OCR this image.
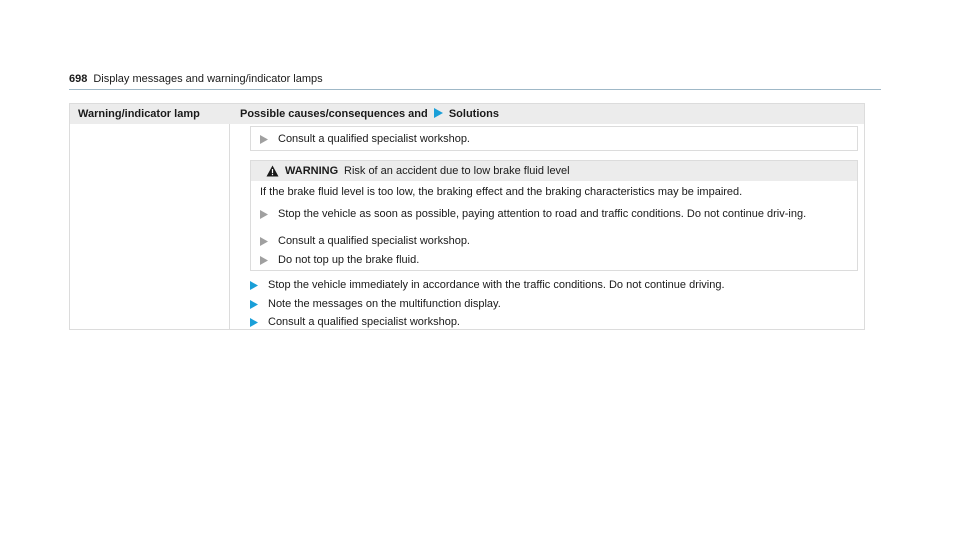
698 Display messages and warning/indicator lamps
Warning/indicator lamp	Possible causes/consequences and Solutions
Consult a qualified specialist workshop.
WARNING Risk of an accident due to low brake fluid level
If the brake fluid level is too low, the braking effect and the braking characteristics may be impaired.
Stop the vehicle as soon as possible, paying attention to road and traffic conditions. Do not continue driv-ing.
Consult a qualified specialist workshop.
Do not top up the brake fluid.
Stop the vehicle immediately in accordance with the traffic conditions. Do not continue driving.
Note the messages on the multifunction display.
Consult a qualified specialist workshop.
